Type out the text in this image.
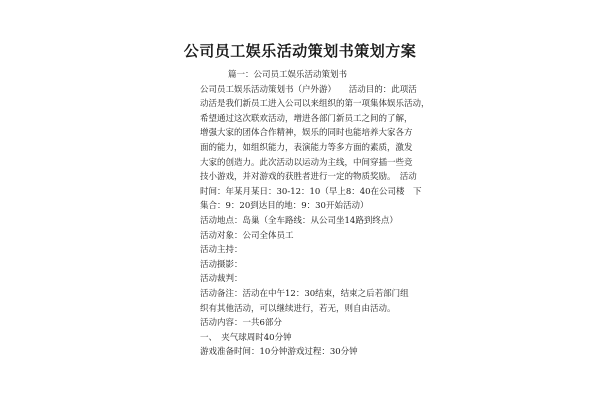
公司员工娱乐活动策划书策划方案

篇一：公司员工娱乐活动策划书

公司员工娱乐活动策划书（户外游）　　活动目的：此项活

动活是我们新员工进入公司以来组织的第一项集体娱乐活动，

希望通过这次联欢活动，增进各部门新员工之间的了解，

增强大家的团体合作精神，娱乐的同时也能培养大家各方

面的能力，如组织能力，表演能力等多方面的素质，激发

大家的创造力。此次活动以运动为主线，中间穿插一些竞

技小游戏，并对游戏的获胜者进行一定的物质奖励。　活动

时间：年某月某日：30-12：10（早上8：40在公司楼　下

集合：9：20到达目的地：9：30开始活动）

活动地点：岛巢（全车路线：从公司坐14路到终点）

活动对象：公司全体员工

活动主持：

活动摄影：

活动裁判：

活动备注：活动在中午12：30结束，结束之后若部门组

织有其他活动，可以继续进行，若无，则自由活动。

活动内容：一共6部分

一、　夹气球周时40分钟

游戏准备时间：10分钟游戏过程：30分钟
